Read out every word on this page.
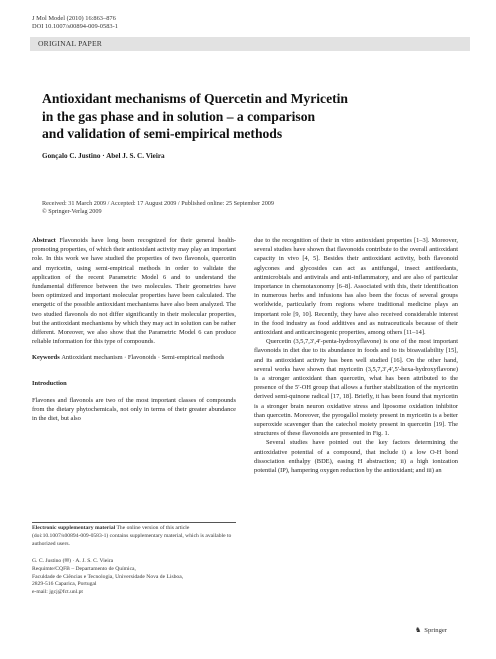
J Mol Model (2010) 16:863–876
DOI 10.1007/s00894-009-0583-1
ORIGINAL PAPER
Antioxidant mechanisms of Quercetin and Myricetin
in the gas phase and in solution – a comparison
and validation of semi-empirical methods
Gonçalo C. Justino · Abel J. S. C. Vieira
Received: 31 March 2009 / Accepted: 17 August 2009 / Published online: 25 September 2009
© Springer-Verlag 2009

Abstract Flavonoids have long been recognized for their general health-promoting properties, of which their antioxidant activity may play an important role. In this work we have studied the properties of two flavonols, quercetin and myricetin, using semi-empirical methods in order to validate the application of the recent Parametric Model 6 and to understand the fundamental difference between the two molecules. Their geometries have been optimized and important molecular properties have been calculated. The energetic of the possible antioxidant mechanisms have also been analyzed. The two studied flavonols do not differ significantly in their molecular properties, but the antioxidant mechanisms by which they may act in solution can be rather different. Moreover, we also show that the Parametric Model 6 can produce reliable information for this type of compounds.

Keywords Antioxidant mechanism · Flavonoids · Semi-empirical methods

Introduction

Flavones and flavonols are two of the most important classes of compounds from the dietary phytochemicals, not only in terms of their greater abundance in the diet, but also

Electronic supplementary material The online version of this article (doi:10.1007/s00894-009-0583-1) contains supplementary material, which is available to authorized users.
G. C. Justino (✉) · A. J. S. C. Vieira
Requimte/CQFB – Departamento de Química,
Faculdade de Ciências e Tecnologia, Universidade Nova de Lisboa,
2829-516 Caparica, Portugal
e-mail: jgcj@fct.unl.pt

due to the recognition of their in vitro antioxidant properties [1–3]. Moreover, several studies have shown that flavonoids contribute to the overall antioxidant capacity in vivo [4, 5]. Besides their antioxidant activity, both flavonoid aglycones and glycosides can act as antifungal, insect antifeedants, antimicrobials and antivirals and anti-inflammatory, and are also of particular importance in chemotaxonomy [6–8]. Associated with this, their identification in numerous herbs and infusions has also been the focus of several groups worldwide, particularly from regions where traditional medicine plays an important role [9, 10]. Recently, they have also received considerable interest in the food industry as food additives and as nutraceuticals because of their antioxidant and anticarcinogenic properties, among others [11–14].

Quercetin (3,5,7,3′,4′-penta-hydroxyflavone) is one of the most important flavonoids in diet due to its abundance in foods and to its bioavailability [15], and its antioxidant activity has been well studied [16]. On the other hand, several works have shown that myricetin (3,5,7,3′,4′,5′-hexa-hydroxyflavone) is a stronger antioxidant than quercetin, what has been attributed to the presence of the 5′-OH group that allows a further stabilization of the myricetin derived semi-quinone radical [17, 18]. Briefly, it has been found that myricetin is a stronger brain neuron oxidative stress and liposome oxidation inhibitor than quercetin. Moreover, the pyrogallol moiety present in myricetin is a better superoxide scavenger than the catechol moiety present in quercetin [19]. The structures of these flavonoids are presented in Fig. 1.

Several studies have pointed out the key factors determining the antioxidative potential of a compound, that include i) a low O-H bond dissociation enthalpy (BDE), easing H abstraction; ii) a high ionization potential (IP), hampering oxygen reduction by the antioxidant; and iii) an

♞ Springer
